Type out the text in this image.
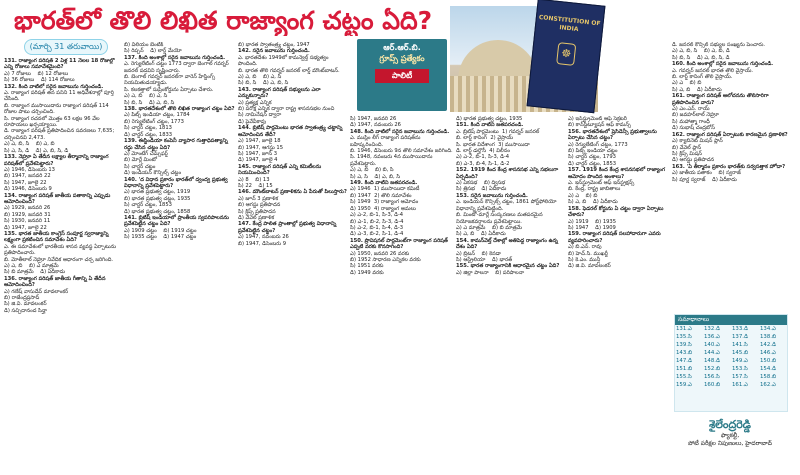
భారత్‌లో తొలి లిఖిత రాజ్యాంగ చట్టం ఏది?
(మార్చి 31 తరువాయి)
CONSTITUTION OF INDIA
☸
ఆర్.ఆర్.బి.
గ్రూప్స్ ప్రత్యేకం
పాలిటీ

131. రాజ్యాంగ పరిషత్ 2 ఏళ్ల 11 నెలల 18 రోజుల్లో ఎన్ని రోజులు సమావేశమైంది?

ఎ) 7 రోజులు    బి) 12 రోజులు

సి) 36 రోజులు    డి) 114 రోజులు

132. కింది వాటిలో సరైన జవాబును గుర్తించండి.

ఎ. రాజ్యాంగ పరిషత్ తన పనిని 11 అధివేశనాల్లో పూర్తి చేసింది.

బి. రాజ్యాంగ ముసాయిదాను రాజ్యాంగ పరిషత్ 114 రోజుల పాటు చర్చించింది.

సి. రాజ్యాంగ రచనలో మొత్తం 63 లక్షల 96 వేల రూపాయలు ఖర్చయ్యాయి.

డి. రాజ్యాంగ పరిషత్ ప్రతిపాదించిన సవరణలు 7,635; చర్చించినవి 2,473.

ఎ) ఎ, బి, సి    బి) ఎ, బి

సి) ఎ, సి, డి    డి) ఎ, బి, సి, డి

133. నెహ్రూ ఏ తేదీన లక్ష్యాల తీర్మానాన్ని రాజ్యాంగ పరిషత్‌లో ప్రవేశపెట్టారు?

ఎ) 1946, డిసెంబరు 13

బి) 1947, జనవరి 22

సి) 1947, జూలై 22

డి) 1946, డిసెంబరు 9

134. రాజ్యాంగ పరిషత్ జాతీయ పతాకాన్ని ఎప్పుడు ఆమోదించింది?

ఎ) 1929, జనవరి 26

బి) 1929, జనవరి 31

సి) 1930, జనవరి 11

డి) 1947, జూలై 22

135. భారత జాతీయ కాంగ్రెస్ సంపూర్ణ స్వరాజ్యాన్ని లక్ష్యంగా ప్రకటించిన సమావేశం ఏది?

ఎ. ఈ సమావేశంలో భారతీయ శాసన వ్యవస్థ ఏర్పాటును ప్రతిపాదించారు.

బి. మోతీలాల్ నెహ్రూ నివేదిక ఆధారంగా చర్చ జరిగింది.

ఎ) ఎ, బి    బి) ఎ మాత్రమే

సి) బి మాత్రమే    డి) ఏదీకాదు

136. రాజ్యాంగ పరిషత్ జాతీయ గీతాన్ని ఏ తేదీన ఆమోదించింది?

ఎ) గణేష్ వాసుదేవ్ మావలాంకర్

బి) రాజేంద్రప్రసాద్

సి) జి.వి. మావలంకర్

డి) సచ్చిదానంద సిన్హా

బి) విలియం బెంటిక్

సి) రిప్పన్    డి) లార్డ్ మేయో

137. కింది అంశాల్లో సరైన జవాబును గుర్తించండి.

ఎ. రెగ్యులేటింగ్ చట్టం 1773 ద్వారా బెంగాల్ గవర్నర్ జనరల్ పదవిని సృష్టించారు.

బి. బెంగాల్ గవర్నర్ జనరల్‌గా వారెన్ హేస్టింగ్స్ నియమితుడయ్యాడు.

సి. కలకత్తాలో సుప్రీంకోర్టును ఏర్పాటు చేశారు.

ఎ) ఎ, బి    బి) ఎ, సి

సి) బి, సి    డి) ఎ, బి, సి

138. భారతదేశంలో తొలి లిఖిత రాజ్యాంగ చట్టం ఏది?

ఎ) పిట్స్ ఇండియా చట్టం, 1784

బి) రెగ్యులేటింగ్ చట్టం, 1773

సి) చార్టర్ చట్టం, 1813

డి) చార్టర్ చట్టం, 1833

139. ఈస్టిండియా కంపెనీ వ్యాపార గుత్తాధిపత్యాన్ని రద్దు చేసిన చట్టం ఏది?

ఎ) మోంటేగ్ చెమ్స్‌ఫర్డ్

బి) మోర్లే మింటో

సి) చార్టర్ చట్టం

డి) ఇండియన్ కౌన్సిల్స్ చట్టం

140. 'ద విధాన ప్రకారం భారత్‌లో ద్వంద్వ ప్రభుత్వ విధానాన్ని ప్రవేశపెట్టారు?

ఎ) భారత ప్రభుత్వ చట్టం, 1919

బి) భారత ప్రభుత్వ చట్టం, 1935

సి) చార్టర్ చట్టం, 1853

డి) భారత ప్రభుత్వ చట్టం, 1858

141. బ్రిటిష్ ఇండియాలో ప్రాంతీయ స్వపరిపాలనను ప్రవేశపెట్టిన చట్టం ఏది?

ఎ) 1909 చట్టం    బి) 1919 చట్టం

సి) 1935 చట్టం    డి) 1947 చట్టం

బి) భారత స్వాతంత్ర్య చట్టం, 1947

142. సరైన జవాబును గుర్తించండి.

ఎ. భారతదేశం 1949లో కామన్వెల్త్ సభ్యత్వం పొందింది.

బి. భారత తొలి గవర్నర్ జనరల్ లార్డ్ మౌంట్‌బాటన్.

ఎ) ఎ, బి    బి) ఎ, సి

సి) బి, సి    డి) ఎ, బి, సి

143. రాజ్యాంగ పరిషత్ సభ్యులను ఎలా ఎన్నుకున్నారు?

ఎ) ప్రత్యక్ష ఎన్నిక

బి) పరోక్ష ఎన్నిక ద్వారా రాష్ట్ర శాసనసభల నుంచి

సి) నామినేషన్ ద్వారా

డి) పైవేవీకావు

144. బ్రిటిష్ పార్లమెంటు భారత స్వాతంత్ర్య చట్టాన్ని ఆమోదించిన తేదీ?

ఎ) 1947, జూలై 18

బి) 1947, ఆగస్టు 15

సి) 1947, జూన్ 3

డి) 1947, జూలై 4

145. రాజ్యాంగ పరిషత్ ఎన్ని కమిటీలను నియమించింది?

ఎ) 8    బి) 13

సి) 22    డి) 15

146. మౌంట్‌బాటన్ ప్రణాళికను ఏ పేరుతో పిలుస్తారు?

ఎ) జూన్ 3 ప్రణాళిక

బి) ఆగస్టు ప్రతిపాదన

సి) క్రిప్స్ ప్రతిపాదన

డి) వేవెల్ ప్రణాళిక

147. కేంద్ర పాలిత ప్రాంతాల్లో ప్రభుత్వ విధానాన్ని ప్రవేశపెట్టిన చట్టం?

ఎ) 1947, నవంబరు 26

బి) 1947, డిసెంబరు 9

సి) 1947, జనవరి 26

డి) 1947, నవంబరు 26

148. కింది వాటిలో సరైన జవాబును గుర్తించండి.

ఎ. ముస్లిం లీగ్ రాజ్యాంగ పరిషత్‌ను బహిష్కరించింది.

బి. 1946, డిసెంబరు 9న తొలి సమావేశం జరిగింది.

సి. 1948, నవంబరు 4న ముసాయిదాను ప్రవేశపెట్టారు.

ఎ) ఎ, బి    బి) బి, సి

సి) ఎ, సి    డి) ఎ, బి, సి

149. కింది వాటిని జతపరచండి.

ఎ) 1946  1) ముసాయిదా కమిటీ

బి) 1947  2) తొలి సమావేశం

సి) 1949  3) రాజ్యాంగ ఆమోదం

డి) 1950  4) రాజ్యాంగ అమలు

ఎ) ఎ-2, బి-1, సి-3, డి-4

బి) ఎ-1, బి-2, సి-3, డి-4

సి) ఎ-2, బి-1, సి-4, డి-3

డి) ఎ-3, బి-2, సి-1, డి-4

150. ప్రొవిషనల్ పార్లమెంట్‌గా రాజ్యాంగ పరిషత్ ఎప్పటి వరకు కొనసాగింది?

ఎ) 1950, జనవరి 26 వరకు

బి) 1952 సాధారణ ఎన్నికల వరకు

సి) 1951 వరకు

డి) 1949 వరకు

డి) భారత ప్రభుత్వ చట్టం, 1935

151. కింది వాటిని జతపరచండి.

ఎ. బ్రిటిష్ పార్లమెంటు  1) గవర్నర్ జనరల్

బి. లార్డ్ కానింగ్  2) వైస్రాయ్

సి. భారత విదేశాంగ  3) ముసాయిదా

డి. లార్డ్ డల్హౌసీ  4) విలీనం

ఎ) ఎ-2, బి-1, సి-3, డి-4

బి) ఎ-3, బి-4, సి-1, డి-2

152. 1919 కింద కేంద్ర శాసనసభ ఎన్ని సభలుగా ఏర్పడింది?

ఎ) ఏకసభ    బి) ద్విసభ

సి) త్రిసభ    డి) ఏదీకాదు

153. సరైన జవాబును గుర్తించండి.

ఎ. ఇండియన్ కౌన్సిల్స్ చట్టం, 1861 పోర్ట్‌ఫోలియో విధానాన్ని ప్రవేశపెట్టింది.

బి. మింటో-మార్లే సంస్కరణలు మతపరమైన నియోజకవర్గాలను ప్రవేశపెట్టాయి.

ఎ) ఎ మాత్రమే    బి) బి మాత్రమే

సి) ఎ, బి    డి) ఏదీకాదు

154. కామన్‌వెల్త్ దేశాల్లో అతిపెద్ద రాజ్యాంగం ఉన్న దేశం ఏది?

ఎ) బ్రిటన్    బి) కెనడా

సి) ఆస్ట్రేలియా    డి) భారత్

155. భారత రాజ్యాంగానికి ఆధారమైన చట్టం ఏది?

ఎ) జిల్లా పాలనా    బి) పరిపాలనా

ఎ) ఇన్‌స్ట్రుమెంట్ ఆఫ్ సెక్రటరీ

బి) కాన్‌స్టిట్యూషన్ ఆఫ్ కామన్స్

156. భారతదేశంలో ప్రెసిడెన్సీ ప్రభుత్వాలను ఏర్పాటు చేసిన చట్టం?

ఎ) రెగ్యులేటింగ్ చట్టం, 1773

బి) పిట్స్ ఇండియా చట్టం

సి) చార్టర్ చట్టం, 1793

డి) చార్టర్ చట్టం, 1853

157. 1919 కింద కేంద్ర శాసనసభలో రాజ్యాంగ ఆమోదం పొందిన అంశాలు?

ఎ. ఇన్‌స్ట్రుమెంట్ ఆఫ్ ఇన్‌స్ట్రక్షన్స్

బి. కేంద్ర, రాష్ట్ర జాబితాలు

ఎ) ఎ    బి) బి

సి) ఎ, బి    డి) ఏదీకాదు

158. ఫెడరల్ కోర్టును ఏ చట్టం ద్వారా ఏర్పాటు చేశారు?

ఎ) 1919    బి) 1935

సి) 1947    డి) 1909

159. రాజ్యాంగ పరిషత్ సలహాదారుగా ఎవరు వ్యవహరించారు?

ఎ) బి.ఎన్. రావు

బి) హెచ్.సి. ముఖర్జీ

సి) కె.ఎం. మున్షీ

డి) జి.వి. మావలంకర్

డి. జనరల్ కౌన్సిల్ సభ్యుల సంఖ్యను పెంచారు.

ఎ) ఎ, బి, సి    బి) ఎ, బి, డి

సి) బి, సి    డి) ఎ, బి, సి, డి

160. కింది అంశాల్లో సరైన జవాబును గుర్తించండి.

ఎ. గవర్నర్ జనరల్ భారత తొలి వైస్రాయ్.

బి. లార్డ్ కానింగ్ తొలి వైస్రాయ్.

ఎ) ఎ    బి) బి

సి) ఎ, బి    డి) ఏదీకాదు

161. రాజ్యాంగ పరిషత్ ఆలోచనను తొలిసారిగా ప్రతిపాదించిన వారు?

ఎ) ఎం.ఎన్. రాయ్

బి) జవహర్‌లాల్ నెహ్రూ

సి) మహాత్మా గాంధీ

డి) సుభాష్ చంద్రబోస్

162. రాజ్యాంగ పరిషత్ ఏర్పాటుకు కారణమైన ప్రణాళిక?

ఎ) క్యాబినెట్ మిషన్ ప్లాన్

బి) వేవెల్ ప్లాన్

సి) క్రిప్స్ మిషన్

డి) ఆగస్టు ప్రతిపాదన

163. 'ఏ తీర్మానం ప్రకారం భారత్‌కు సర్వసత్తాక హోదా?

ఎ) జాతీయ పతాకం    బి) స్వరాజ్

సి) పూర్ణ స్వరాజ్    డి) ఏదీకాదు

సమాధానాలు
131.ఎ	132.డి	133.డి	134.ఎ
135.సి	136.ఎ	137.డి	138.బి
139.సి	140.ఎ	141.సి	142.డి
143.బి	144.ఎ	145.బి	146.ఎ
147.డి	148.డి	149.ఎ	150.బి
151.బి	152.బి	153.సి	154.డి
155.సి	156.సి	157.సి	158.బి
159.ఎ	160.బి	161.ఎ	162.ఎ
శైలేంద్రరెడ్డి
ఫ్యాకల్టీ,
పోటీ పరీక్షల నిపుణులు, హైదరాబాద్
